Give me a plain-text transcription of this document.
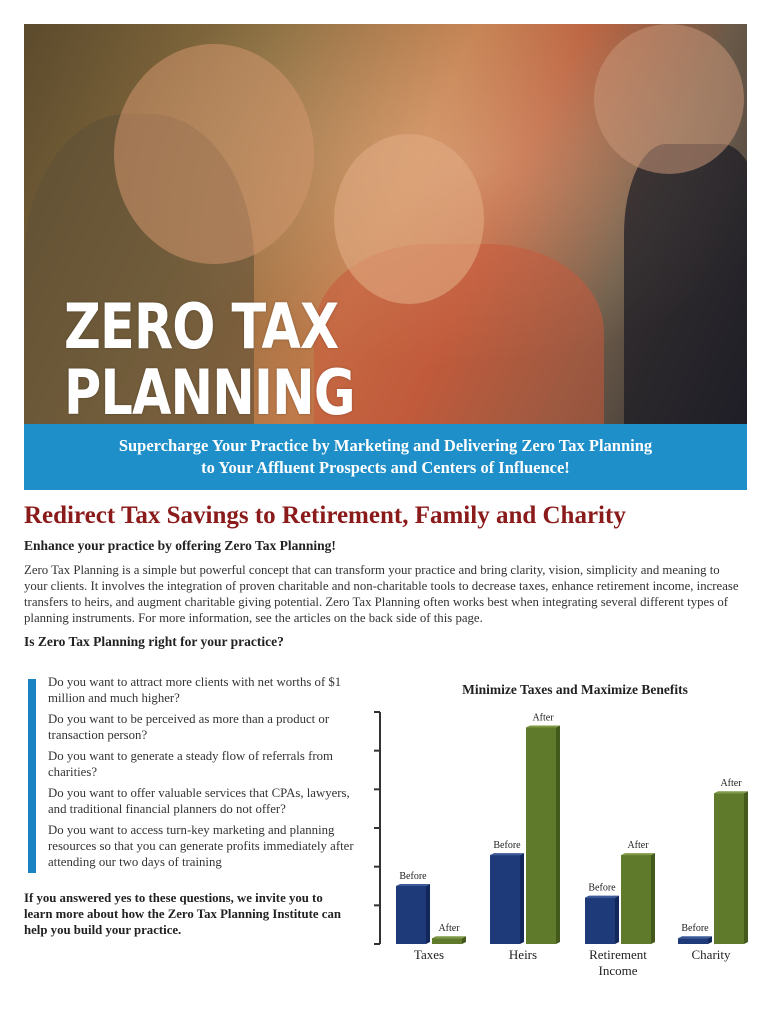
ZERO TAX
PLANNING
Supercharge Your Practice by Marketing and Delivering Zero Tax Planning
to Your Affluent Prospects and Centers of Influence!
Redirect Tax Savings to Retirement, Family and Charity

Enhance your practice by offering Zero Tax Planning!

Zero Tax Planning is a simple but powerful concept that can transform your practice and bring clarity, vision, simplicity and meaning to your clients. It involves the integration of proven charitable and non-charitable tools to decrease taxes, enhance retirement income, increase transfers to heirs, and augment charitable giving potential. Zero Tax Planning often works best when integrating several different types of planning instruments. For more information, see the articles on the back side of this page.

Is Zero Tax Planning right for your practice?

Do you want to attract more clients with net worths of $1 million and much higher?
Do you want to be perceived as more than a product or transaction person?
Do you want to generate a steady flow of referrals from charities?
Do you want to offer valuable services that CPAs, lawyers, and traditional financial planners do not offer?
Do you want to access turn-key marketing and planning resources so that you can generate profits immediately after attending our two days of training

If you answered yes to these questions, we invite you to learn more about how the Zero Tax Planning Institute can help you build your practice.

Minimize Taxes and Maximize Benefits
Before
After
Taxes
Before
After
Heirs
Before
After
Retirement
Income
Before
After
Charity
